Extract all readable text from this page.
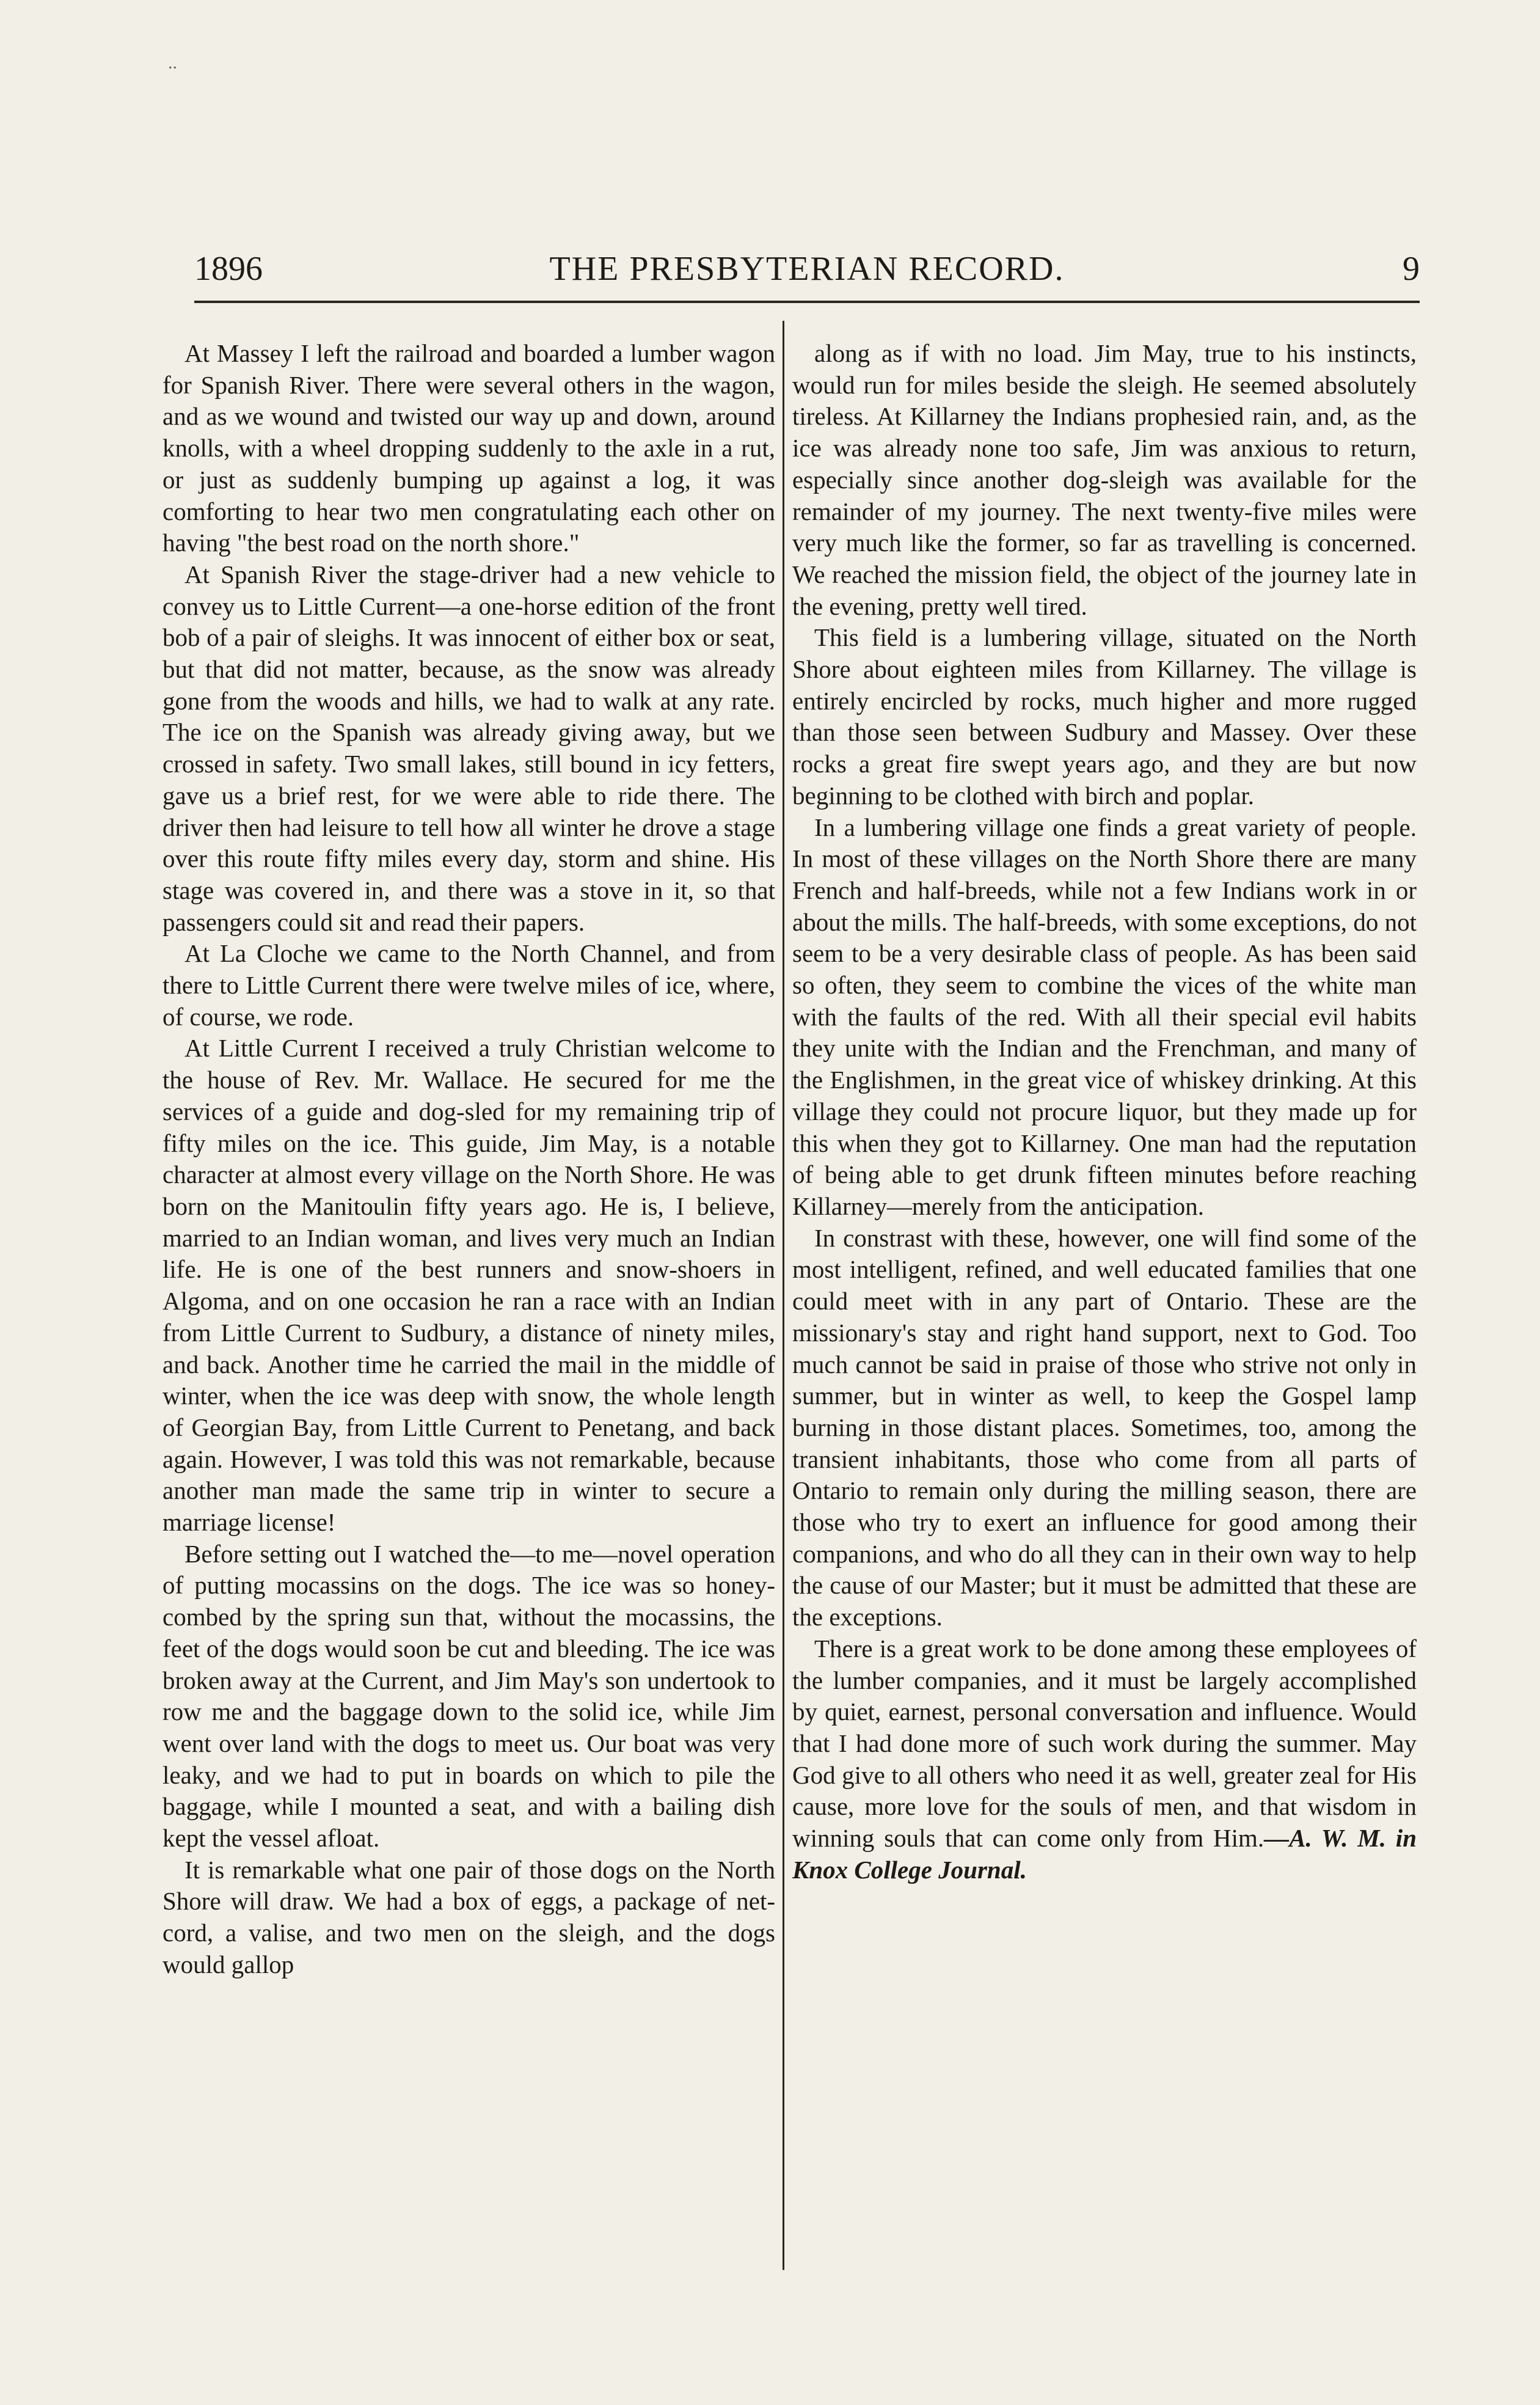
..
1896	THE PRESBYTERIAN RECORD.	9

At Massey I left the railroad and boarded a lumber wagon for Spanish River. There were several others in the wagon, and as we wound and twisted our way up and down, around knolls, with a wheel dropping suddenly to the axle in a rut, or just as suddenly bumping up against a log, it was comforting to hear two men congratulating each other on having "the best road on the north shore."

At Spanish River the stage-driver had a new vehicle to convey us to Little Current—a one-horse edition of the front bob of a pair of sleighs. It was innocent of either box or seat, but that did not matter, because, as the snow was already gone from the woods and hills, we had to walk at any rate. The ice on the Spanish was already giving away, but we crossed in safety. Two small lakes, still bound in icy fetters, gave us a brief rest, for we were able to ride there. The driver then had leisure to tell how all winter he drove a stage over this route fifty miles every day, storm and shine. His stage was covered in, and there was a stove in it, so that passengers could sit and read their papers.

At La Cloche we came to the North Channel, and from there to Little Current there were twelve miles of ice, where, of course, we rode.

At Little Current I received a truly Christian welcome to the house of Rev. Mr. Wallace. He secured for me the services of a guide and dog-sled for my remaining trip of fifty miles on the ice. This guide, Jim May, is a notable character at almost every village on the North Shore. He was born on the Manitoulin fifty years ago. He is, I believe, married to an Indian woman, and lives very much an Indian life. He is one of the best runners and snow-shoers in Algoma, and on one occasion he ran a race with an Indian from Little Current to Sudbury, a distance of ninety miles, and back. Another time he carried the mail in the middle of winter, when the ice was deep with snow, the whole length of Georgian Bay, from Little Current to Penetang, and back again. However, I was told this was not remarkable, because another man made the same trip in winter to secure a marriage license!

Before setting out I watched the—to me—novel operation of putting mocassins on the dogs. The ice was so honey-combed by the spring sun that, without the mocassins, the feet of the dogs would soon be cut and bleeding. The ice was broken away at the Current, and Jim May's son undertook to row me and the baggage down to the solid ice, while Jim went over land with the dogs to meet us. Our boat was very leaky, and we had to put in boards on which to pile the baggage, while I mounted a seat, and with a bailing dish kept the vessel afloat.

It is remarkable what one pair of those dogs on the North Shore will draw. We had a box of eggs, a package of net-cord, a valise, and two men on the sleigh, and the dogs would gallop

along as if with no load. Jim May, true to his instincts, would run for miles beside the sleigh. He seemed absolutely tireless. At Killarney the Indians prophesied rain, and, as the ice was already none too safe, Jim was anxious to return, especially since another dog-sleigh was available for the remainder of my journey. The next twenty-five miles were very much like the former, so far as travelling is concerned. We reached the mission field, the object of the journey late in the evening, pretty well tired.

This field is a lumbering village, situated on the North Shore about eighteen miles from Killarney. The village is entirely encircled by rocks, much higher and more rugged than those seen between Sudbury and Massey. Over these rocks a great fire swept years ago, and they are but now beginning to be clothed with birch and poplar.

In a lumbering village one finds a great variety of people. In most of these villages on the North Shore there are many French and half-breeds, while not a few Indians work in or about the mills. The half-breeds, with some exceptions, do not seem to be a very desirable class of people. As has been said so often, they seem to combine the vices of the white man with the faults of the red. With all their special evil habits they unite with the Indian and the Frenchman, and many of the Englishmen, in the great vice of whiskey drinking. At this village they could not procure liquor, but they made up for this when they got to Killarney. One man had the reputation of being able to get drunk fifteen minutes before reaching Killarney—merely from the anticipation.

In constrast with these, however, one will find some of the most intelligent, refined, and well educated families that one could meet with in any part of Ontario. These are the missionary's stay and right hand support, next to God. Too much cannot be said in praise of those who strive not only in summer, but in winter as well, to keep the Gospel lamp burning in those distant places. Sometimes, too, among the transient inhabitants, those who come from all parts of Ontario to remain only during the milling season, there are those who try to exert an influence for good among their companions, and who do all they can in their own way to help the cause of our Master; but it must be admitted that these are the exceptions.

There is a great work to be done among these employees of the lumber companies, and it must be largely accomplished by quiet, earnest, personal conversation and influence. Would that I had done more of such work during the summer. May God give to all others who need it as well, greater zeal for His cause, more love for the souls of men, and that wisdom in winning souls that can come only from Him.—A. W. M. in Knox College Journal.
